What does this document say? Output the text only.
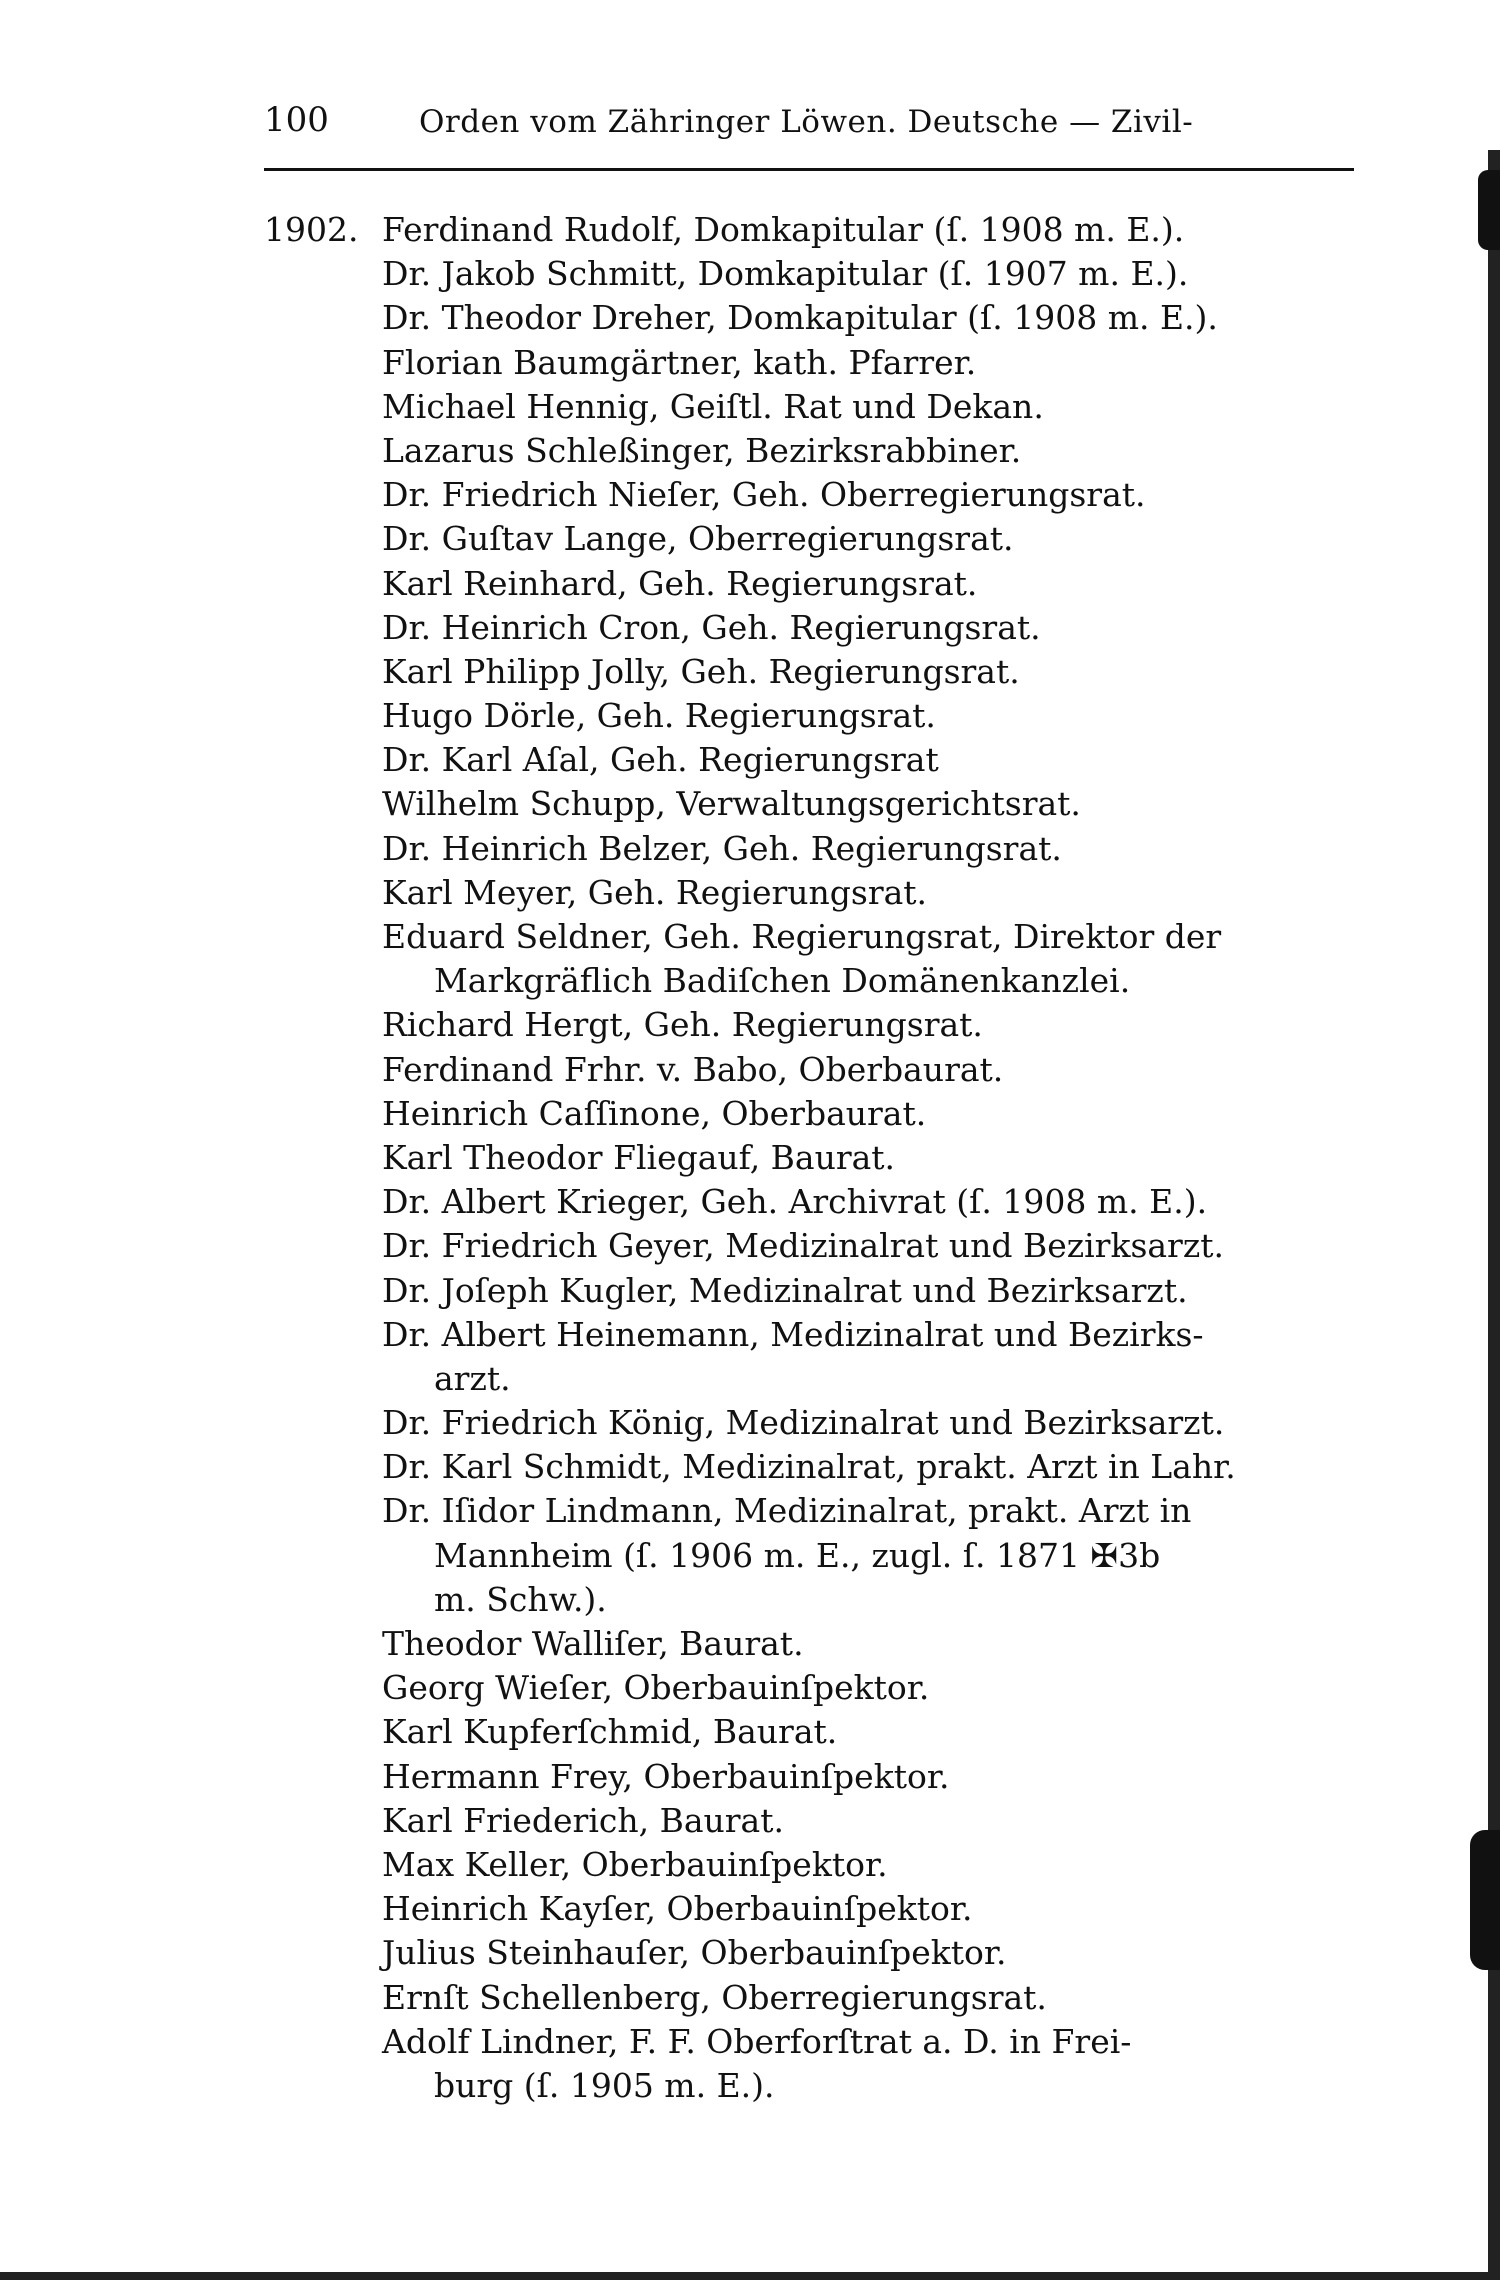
100	Orden vom Zähringer Löwen. Deutsche — Zivil-
1902. Ferdinand Rudolf, Domkapitular (ſ. 1908 m. E.).
Dr. Jakob Schmitt, Domkapitular (ſ. 1907 m. E.).
Dr. Theodor Dreher, Domkapitular (ſ. 1908 m. E.).
Florian Baumgärtner, kath. Pfarrer.
Michael Hennig, Geiſtl. Rat und Dekan.
Lazarus Schleßinger, Bezirksrabbiner.
Dr. Friedrich Nieſer, Geh. Oberregierungsrat.
Dr. Guſtav Lange, Oberregierungsrat.
Karl Reinhard, Geh. Regierungsrat.
Dr. Heinrich Cron, Geh. Regierungsrat.
Karl Philipp Jolly, Geh. Regierungsrat.
Hugo Dörle, Geh. Regierungsrat.
Dr. Karl Aſal, Geh. Regierungsrat
Wilhelm Schupp, Verwaltungsgerichtsrat.
Dr. Heinrich Belzer, Geh. Regierungsrat.
Karl Meyer, Geh. Regierungsrat.
Eduard Seldner, Geh. Regierungsrat, Direktor der
Markgräflich Badiſchen Domänenkanzlei.
Richard Hergt, Geh. Regierungsrat.
Ferdinand Frhr. v. Babo, Oberbaurat.
Heinrich Caſſinone, Oberbaurat.
Karl Theodor Fliegauf, Baurat.
Dr. Albert Krieger, Geh. Archivrat (ſ. 1908 m. E.).
Dr. Friedrich Geyer, Medizinalrat und Bezirksarzt.
Dr. Joſeph Kugler, Medizinalrat und Bezirksarzt.
Dr. Albert Heinemann, Medizinalrat und Bezirks-
arzt.
Dr. Friedrich König, Medizinalrat und Bezirksarzt.
Dr. Karl Schmidt, Medizinalrat, prakt. Arzt in Lahr.
Dr. Iſidor Lindmann, Medizinalrat, prakt. Arzt in
Mannheim (ſ. 1906 m. E., zugl. ſ. 1871 ✠3b
m. Schw.).
Theodor Walliſer, Baurat.
Georg Wieſer, Oberbauinſpektor.
Karl Kupferſchmid, Baurat.
Hermann Frey, Oberbauinſpektor.
Karl Friederich, Baurat.
Max Keller, Oberbauinſpektor.
Heinrich Kayſer, Oberbauinſpektor.
Julius Steinhauſer, Oberbauinſpektor.
Ernſt Schellenberg, Oberregierungsrat.
Adolf Lindner, F. F. Oberforſtrat a. D. in Frei-
burg (ſ. 1905 m. E.).
